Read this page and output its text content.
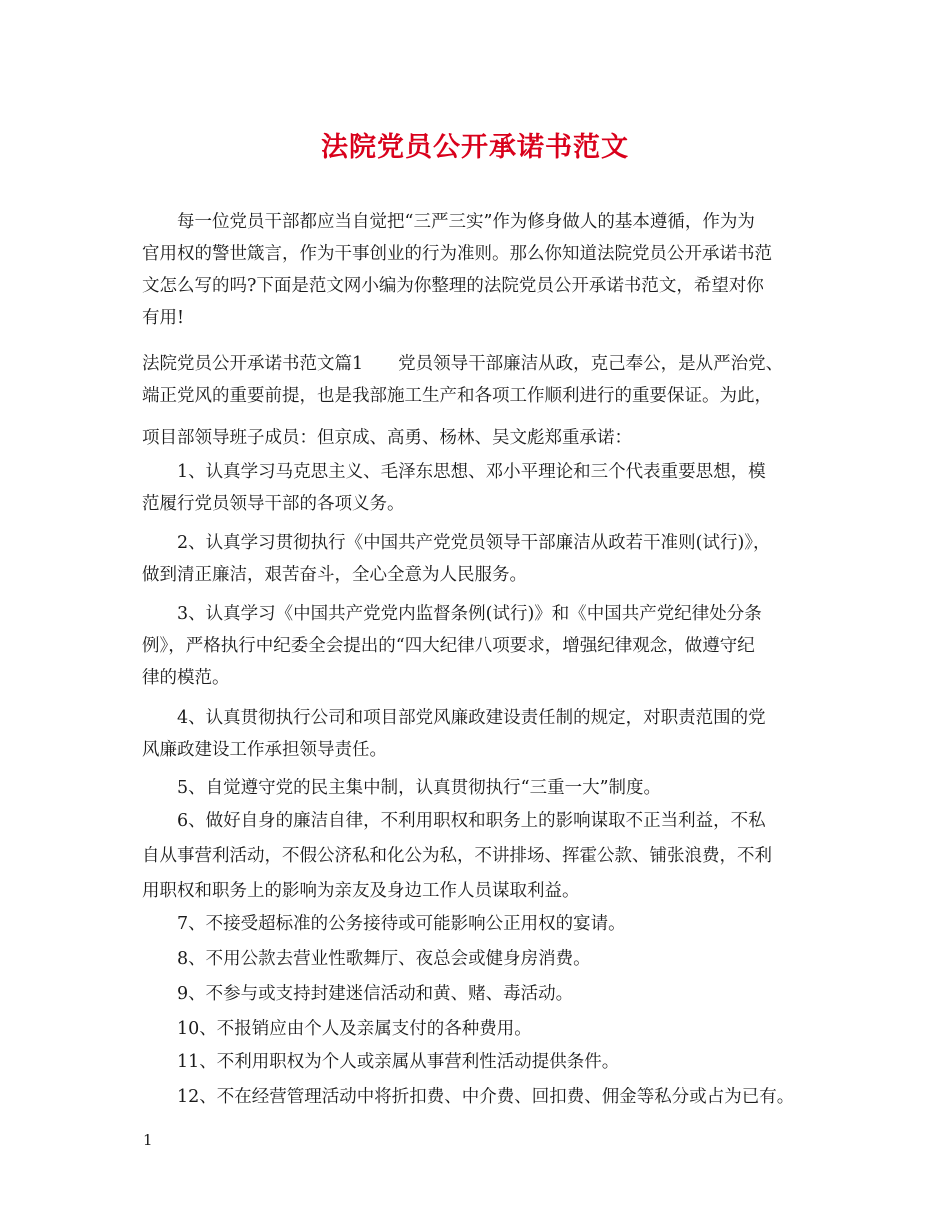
法院党员公开承诺书范文
　　每一位党员干部都应当自觉把“三严三实”作为修身做人的基本遵循，作为为
官用权的警世箴言，作为干事创业的行为准则。那么你知道法院党员公开承诺书范
文怎么写的吗?下面是范文网小编为你整理的法院党员公开承诺书范文，希望对你
有用!
法院党员公开承诺书范文篇1　　党员领导干部廉洁从政，克己奉公，是从严治党、
端正党风的重要前提，也是我部施工生产和各项工作顺利进行的重要保证。为此，
项目部领导班子成员：但京成、高勇、杨林、吴文彪郑重承诺：
　　1、认真学习马克思主义、毛泽东思想、邓小平理论和三个代表重要思想，模
范履行党员领导干部的各项义务。
　　2、认真学习贯彻执行《中国共产党党员领导干部廉洁从政若干准则(试行)》，
做到清正廉洁，艰苦奋斗，全心全意为人民服务。
　　3、认真学习《中国共产党党内监督条例(试行)》和《中国共产党纪律处分条
例》，严格执行中纪委全会提出的“四大纪律八项要求，增强纪律观念，做遵守纪
律的模范。
　　4、认真贯彻执行公司和项目部党风廉政建设责任制的规定，对职责范围的党
风廉政建设工作承担领导责任。
　　5、自觉遵守党的民主集中制，认真贯彻执行“三重一大”制度。
　　6、做好自身的廉洁自律，不利用职权和职务上的影响谋取不正当利益，不私
自从事营利活动，不假公济私和化公为私，不讲排场、挥霍公款、铺张浪费，不利
用职权和职务上的影响为亲友及身边工作人员谋取利益。
　　7、不接受超标准的公务接待或可能影响公正用权的宴请。
　　8、不用公款去营业性歌舞厅、夜总会或健身房消费。
　　9、不参与或支持封建迷信活动和黄、赌、毒活动。
　　10、不报销应由个人及亲属支付的各种费用。
　　11、不利用职权为个人或亲属从事营利性活动提供条件。
　　12、不在经营管理活动中将折扣费、中介费、回扣费、佣金等私分或占为已有。
1
